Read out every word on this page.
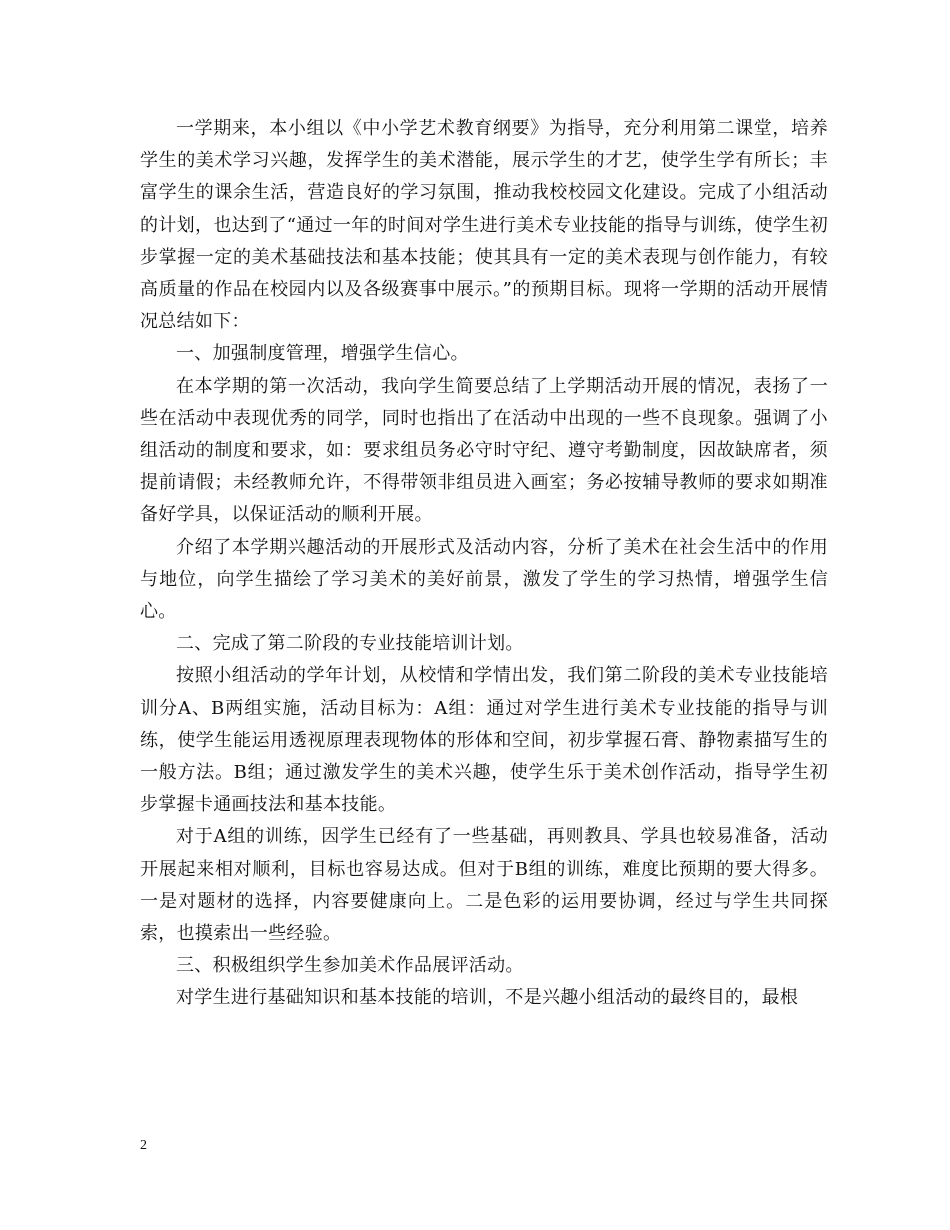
一学期来，本小组以《中小学艺术教育纲要》为指导，充分利用第二课堂，培养学生的美术学习兴趣，发挥学生的美术潜能，展示学生的才艺，使学生学有所长；丰富学生的课余生活，营造良好的学习氛围，推动我校校园文化建设。完成了小组活动的计划，也达到了“通过一年的时间对学生进行美术专业技能的指导与训练，使学生初步掌握一定的美术基础技法和基本技能；使其具有一定的美术表现与创作能力，有较高质量的作品在校园内以及各级赛事中展示。”的预期目标。现将一学期的活动开展情况总结如下：

一、加强制度管理，增强学生信心。

在本学期的第一次活动，我向学生简要总结了上学期活动开展的情况，表扬了一些在活动中表现优秀的同学，同时也指出了在活动中出现的一些不良现象。强调了小组活动的制度和要求，如：要求组员务必守时守纪、遵守考勤制度，因故缺席者，须提前请假；未经教师允许，不得带领非组员进入画室；务必按辅导教师的要求如期准备好学具，以保证活动的顺利开展。

介绍了本学期兴趣活动的开展形式及活动内容，分析了美术在社会生活中的作用与地位，向学生描绘了学习美术的美好前景，激发了学生的学习热情，增强学生信心。

二、完成了第二阶段的专业技能培训计划。

按照小组活动的学年计划，从校情和学情出发，我们第二阶段的美术专业技能培训分A、B两组实施，活动目标为：A组：通过对学生进行美术专业技能的指导与训练，使学生能运用透视原理表现物体的形体和空间，初步掌握石膏、静物素描写生的一般方法。B组；通过激发学生的美术兴趣，使学生乐于美术创作活动，指导学生初步掌握卡通画技法和基本技能。

对于A组的训练，因学生已经有了一些基础，再则教具、学具也较易准备，活动开展起来相对顺利，目标也容易达成。但对于B组的训练，难度比预期的要大得多。一是对题材的选择，内容要健康向上。二是色彩的运用要协调，经过与学生共同探索，也摸索出一些经验。

三、积极组织学生参加美术作品展评活动。

对学生进行基础知识和基本技能的培训，不是兴趣小组活动的最终目的，最根

2
